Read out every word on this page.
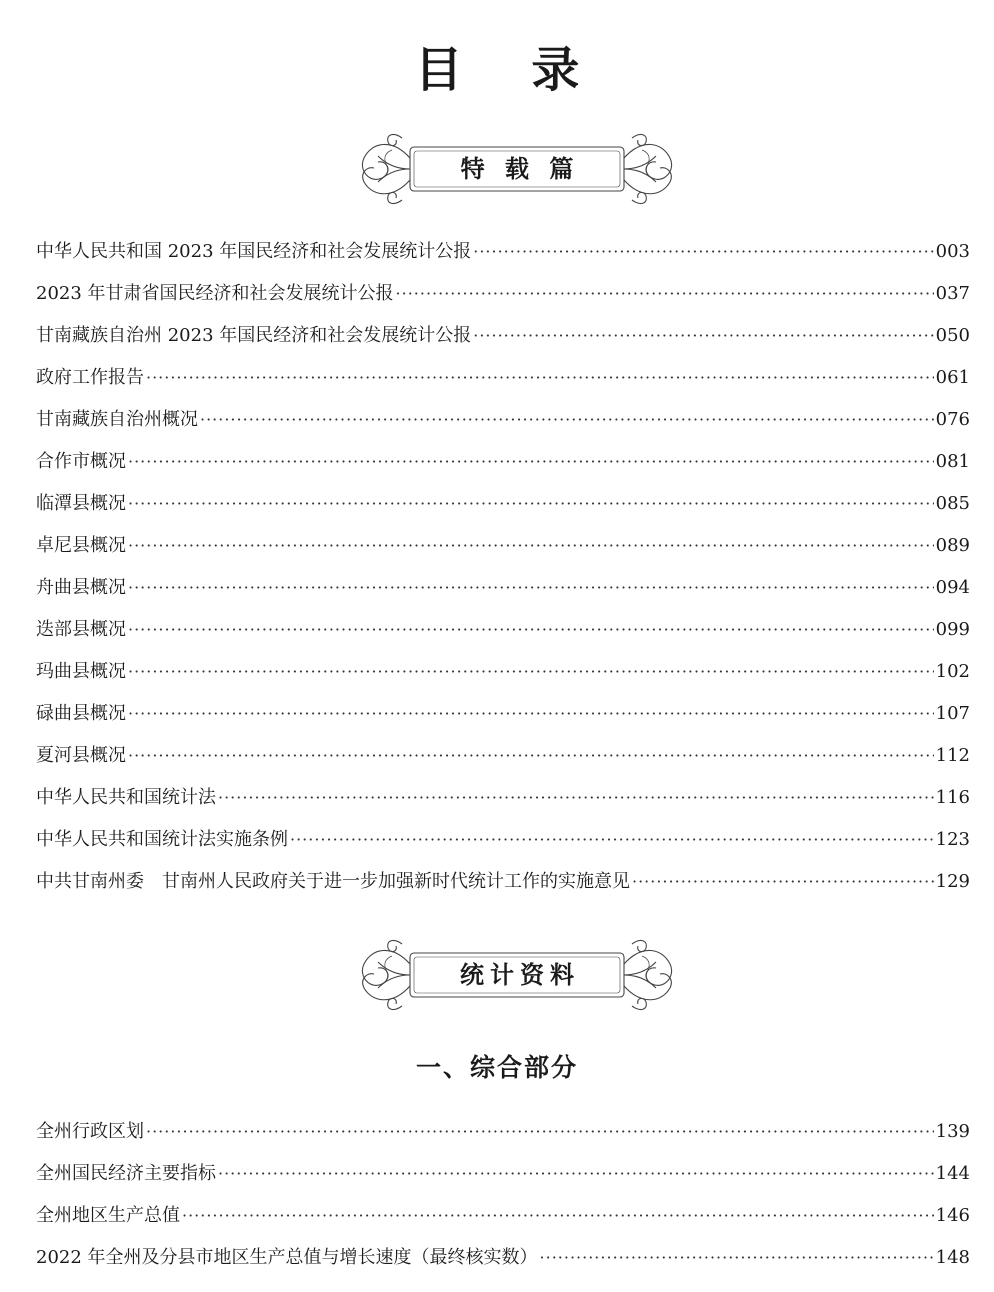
目 录
特 载 篇
中华人民共和国 2023 年国民经济和社会发展统计公报 ·····	003
2023 年甘肃省国民经济和社会发展统计公报 ·····	037
甘南藏族自治州 2023 年国民经济和社会发展统计公报 ·····	050
政府工作报告 ·····	061
甘南藏族自治州概况 ·····	076
合作市概况 ·····	081
临潭县概况 ·····	085
卓尼县概况 ·····	089
舟曲县概况 ·····	094
迭部县概况 ·····	099
玛曲县概况 ·····	102
碌曲县概况 ·····	107
夏河县概况 ·····	112
中华人民共和国统计法 ·····	116
中华人民共和国统计法实施条例 ·····	123
中共甘南州委　甘南州人民政府关于进一步加强新时代统计工作的实施意见 ·····	129
统计资料
一、综合部分
全州行政区划 ·····	139
全州国民经济主要指标 ·····	144
全州地区生产总值 ·····	146
2022 年全州及分县市地区生产总值与增长速度（最终核实数） ·····	148
